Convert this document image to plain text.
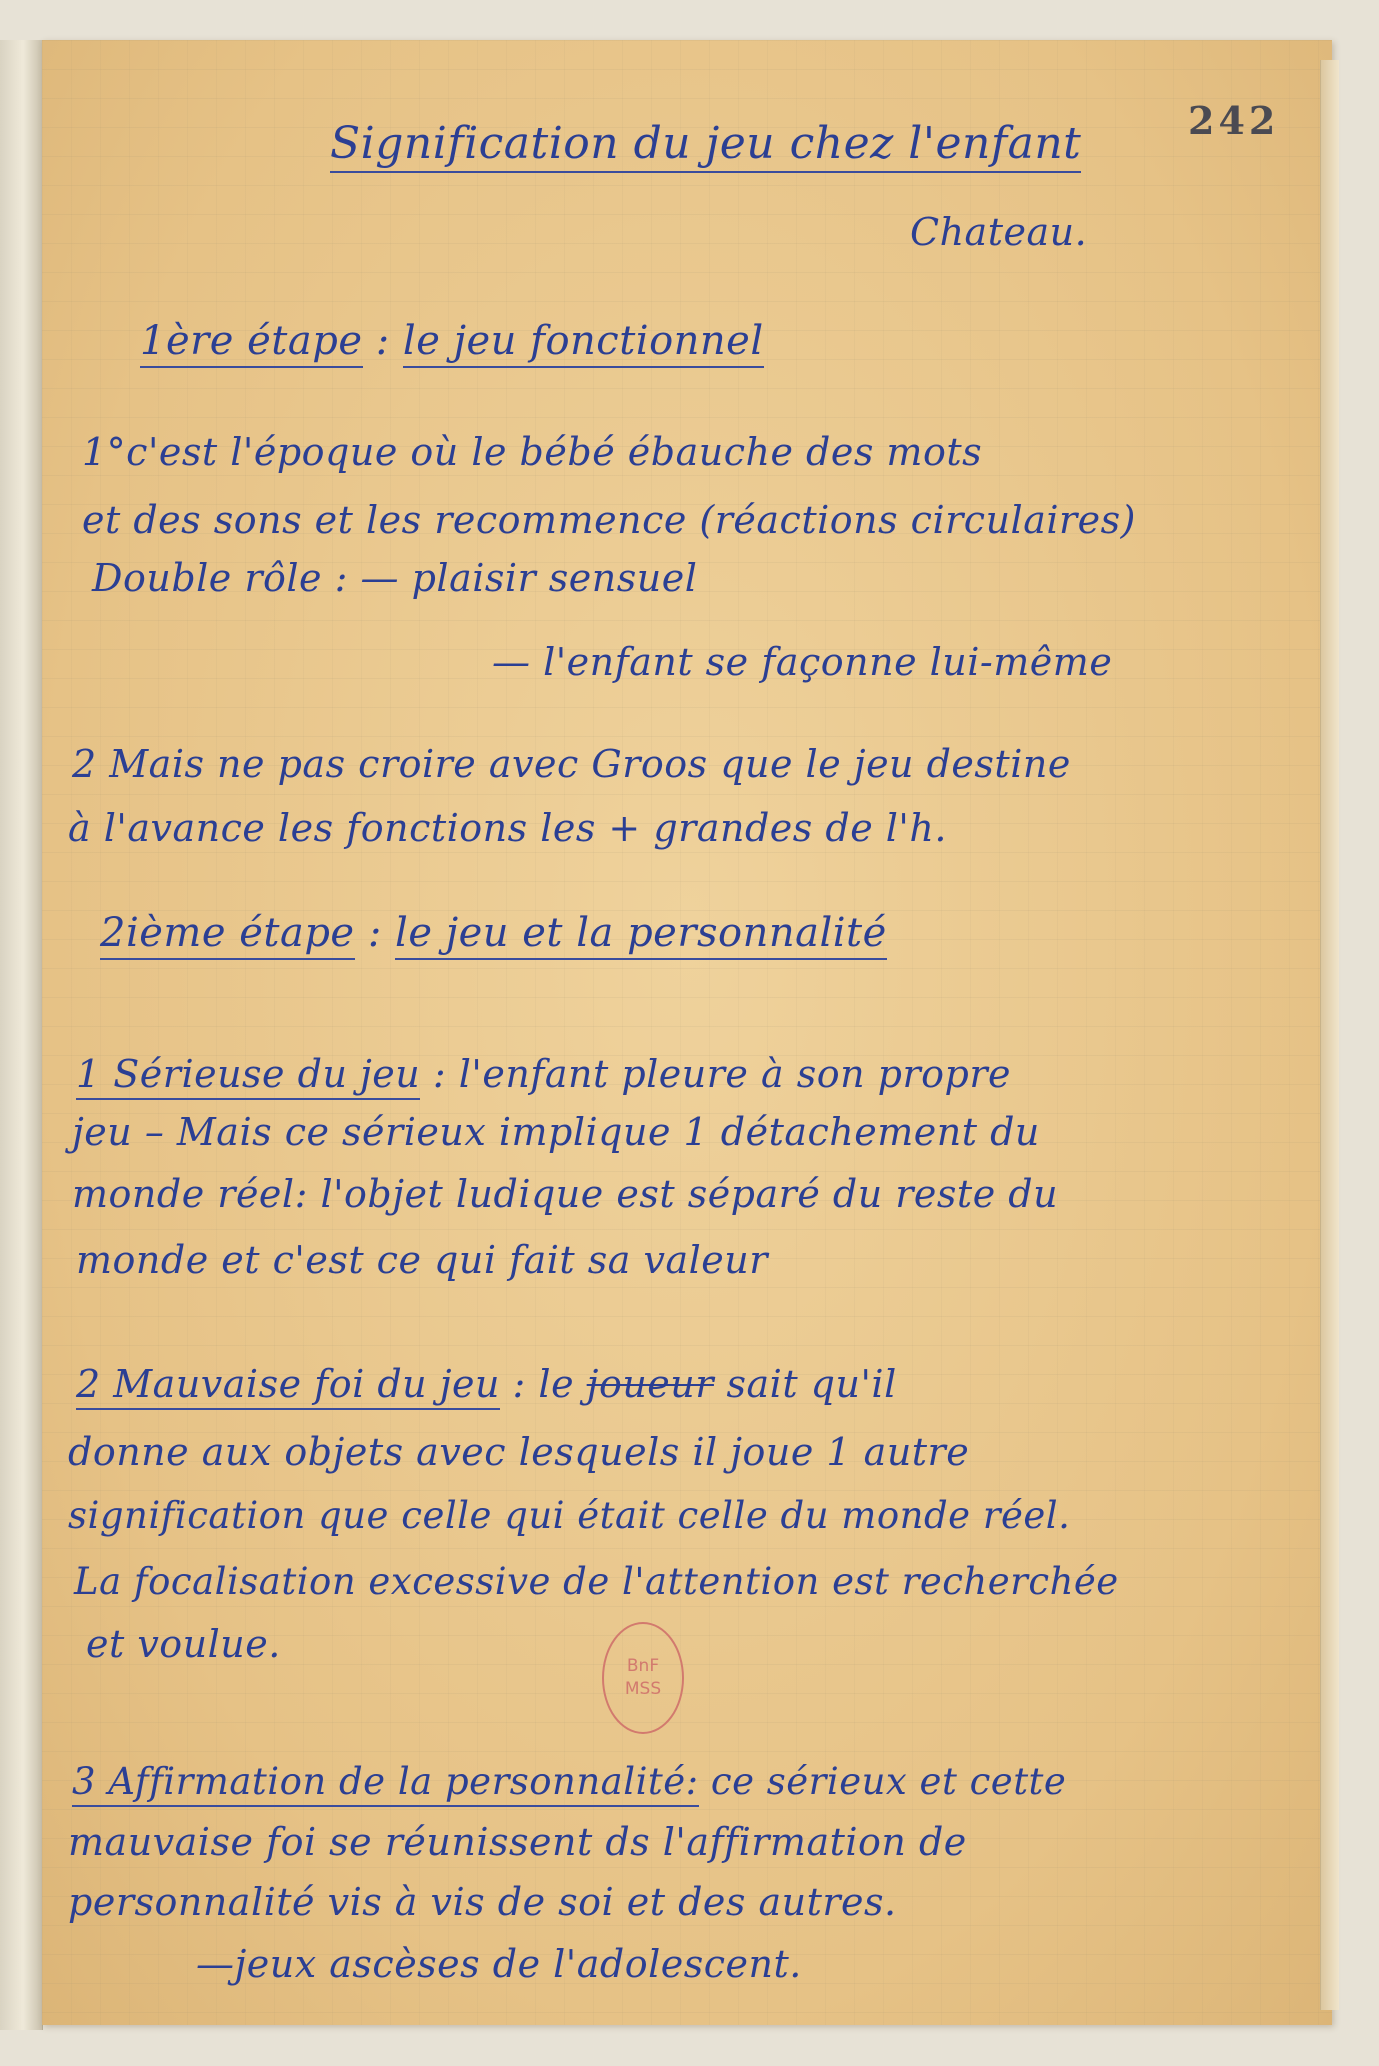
242
Signification du jeu chez l'enfant
Chateau.
1ère étape : le jeu fonctionnel
1°c'est l'époque où le bébé ébauche des mots
et des sons et les recommence (réactions circulaires)
Double rôle : — plaisir sensuel
— l'enfant se façonne lui-même
2 Mais ne pas croire avec Groos que le jeu destine
à l'avance les fonctions les + grandes de l'h.
2ième étape : le jeu et la personnalité
1 Sérieuse du jeu : l'enfant pleure à son propre
jeu – Mais ce sérieux implique 1 détachement du
monde réel: l'objet ludique est séparé du reste du
monde et c'est ce qui fait sa valeur
2 Mauvaise foi du jeu : le joueur sait qu'il
donne aux objets avec lesquels il joue 1 autre
signification que celle qui était celle du monde réel.
La focalisation excessive de l'attention est recherchée
et voulue.
BnF
MSS
3 Affirmation de la personnalité: ce sérieux et cette
mauvaise foi se réunissent ds l'affirmation de
personnalité vis à vis de soi et des autres.
—jeux ascèses de l'adolescent.
